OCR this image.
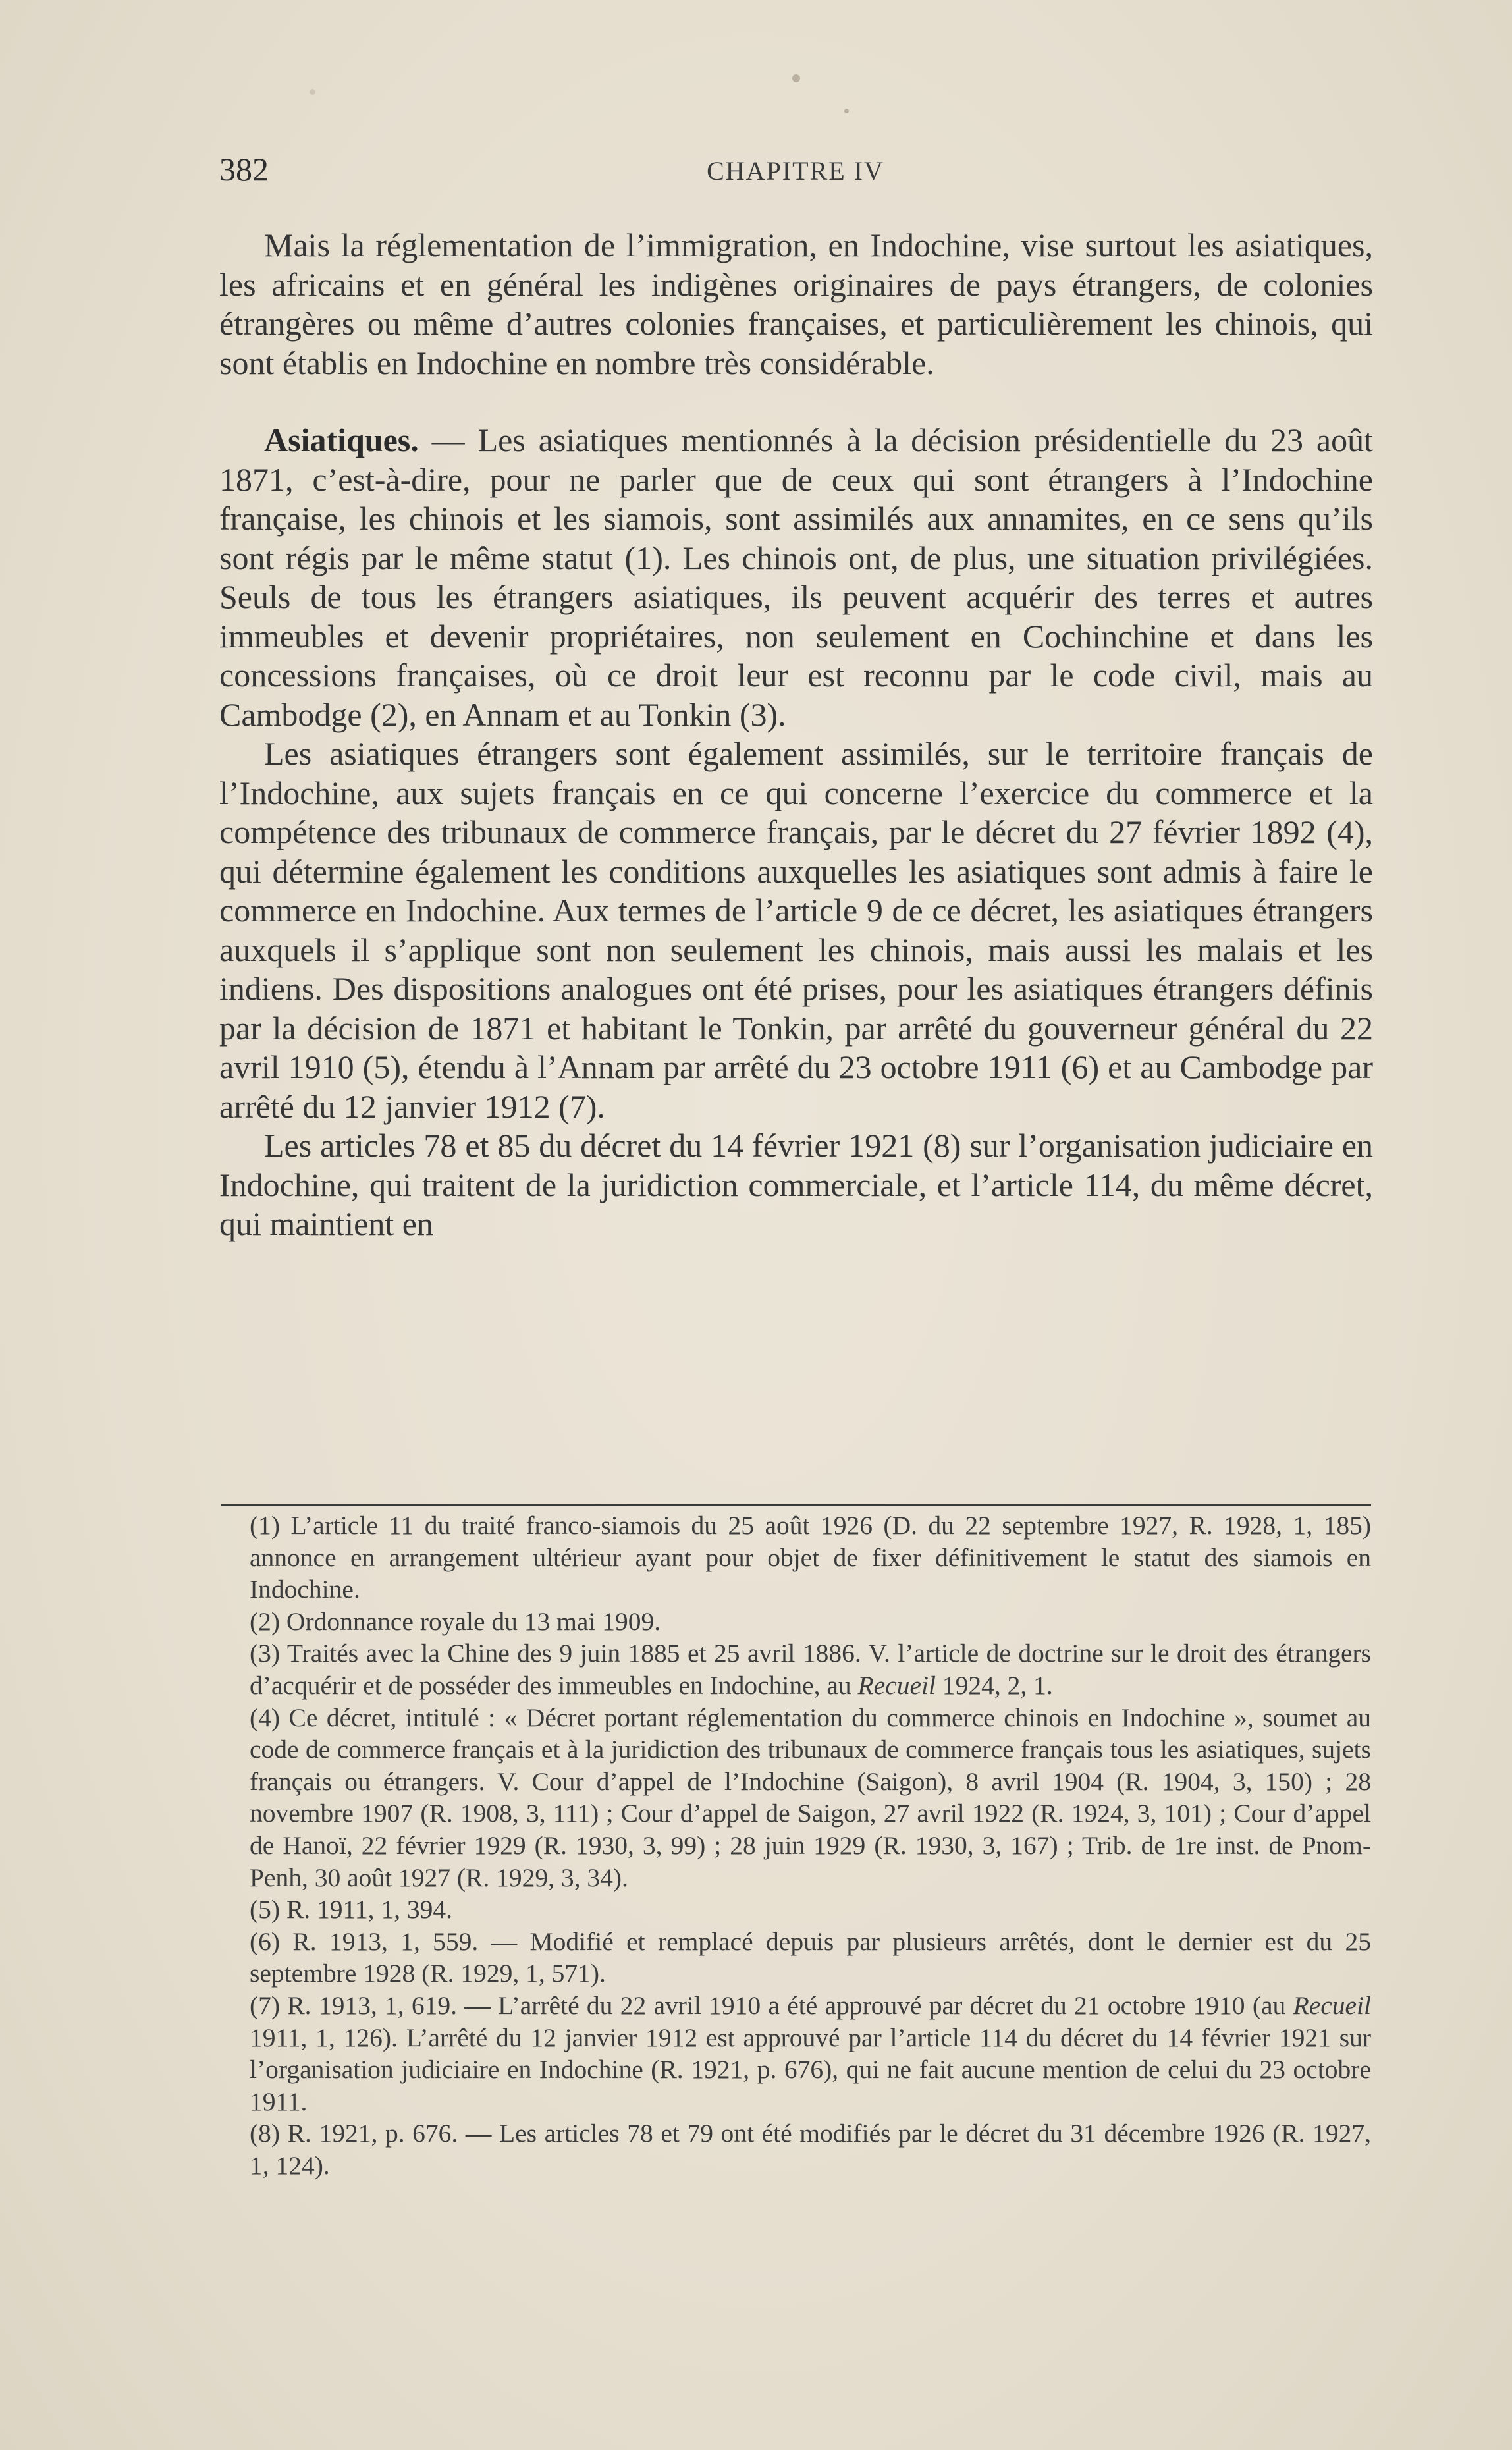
382	CHAPITRE IV

Mais la réglementation de l’immigration, en Indochine, vise surtout les asiatiques, les africains et en général les indigènes originaires de pays étrangers, de colonies étrangères ou même d’autres colonies françaises, et particulièrement les chinois, qui sont établis en Indochine en nombre très considérable.

Asiatiques. — Les asiatiques mentionnés à la décision présidentielle du 23 août 1871, c’est-à-dire, pour ne parler que de ceux qui sont étrangers à l’Indochine française, les chinois et les siamois, sont assimilés aux annamites, en ce sens qu’ils sont régis par le même statut (1). Les chinois ont, de plus, une situation privilégiées. Seuls de tous les étrangers asiatiques, ils peuvent acquérir des terres et autres immeubles et devenir propriétaires, non seulement en Cochinchine et dans les concessions françaises, où ce droit leur est reconnu par le code civil, mais au Cambodge (2), en Annam et au Tonkin (3).

Les asiatiques étrangers sont également assimilés, sur le territoire français de l’Indochine, aux sujets français en ce qui concerne l’exercice du commerce et la compétence des tribunaux de commerce français, par le décret du 27 février 1892 (4), qui détermine également les conditions auxquelles les asiatiques sont admis à faire le commerce en Indochine. Aux termes de l’article 9 de ce décret, les asiatiques étrangers auxquels il s’applique sont non seulement les chinois, mais aussi les malais et les indiens. Des dispositions analogues ont été prises, pour les asiatiques étrangers définis par la décision de 1871 et habitant le Tonkin, par arrêté du gouverneur général du 22 avril 1910 (5), étendu à l’Annam par arrêté du 23 octobre 1911 (6) et au Cambodge par arrêté du 12 janvier 1912 (7).

Les articles 78 et 85 du décret du 14 février 1921 (8) sur l’organisation judiciaire en Indochine, qui traitent de la juridiction commerciale, et l’article 114, du même décret, qui maintient en

(1) L’article 11 du traité franco-siamois du 25 août 1926 (D. du 22 septembre 1927, R. 1928, 1, 185) annonce en arrangement ultérieur ayant pour objet de fixer définitivement le statut des siamois en Indochine.

(2) Ordonnance royale du 13 mai 1909.

(3) Traités avec la Chine des 9 juin 1885 et 25 avril 1886. V. l’article de doctrine sur le droit des étrangers d’acquérir et de posséder des immeubles en Indochine, au Recueil 1924, 2, 1.

(4) Ce décret, intitulé : « Décret portant réglementation du commerce chinois en Indochine », soumet au code de commerce français et à la juridiction des tribunaux de commerce français tous les asiatiques, sujets français ou étrangers. V. Cour d’appel de l’Indochine (Saigon), 8 avril 1904 (R. 1904, 3, 150) ; 28 novembre 1907 (R. 1908, 3, 111) ; Cour d’appel de Saigon, 27 avril 1922 (R. 1924, 3, 101) ; Cour d’appel de Hanoï, 22 février 1929 (R. 1930, 3, 99) ; 28 juin 1929 (R. 1930, 3, 167) ; Trib. de 1re inst. de Pnom-Penh, 30 août 1927 (R. 1929, 3, 34).

(5) R. 1911, 1, 394.

(6) R. 1913, 1, 559. — Modifié et remplacé depuis par plusieurs arrêtés, dont le dernier est du 25 septembre 1928 (R. 1929, 1, 571).

(7) R. 1913, 1, 619. — L’arrêté du 22 avril 1910 a été approuvé par décret du 21 octobre 1910 (au Recueil 1911, 1, 126). L’arrêté du 12 janvier 1912 est approuvé par l’article 114 du décret du 14 février 1921 sur l’organisation judiciaire en Indochine (R. 1921, p. 676), qui ne fait aucune mention de celui du 23 octobre 1911.

(8) R. 1921, p. 676. — Les articles 78 et 79 ont été modifiés par le décret du 31 décembre 1926 (R. 1927, 1, 124).
